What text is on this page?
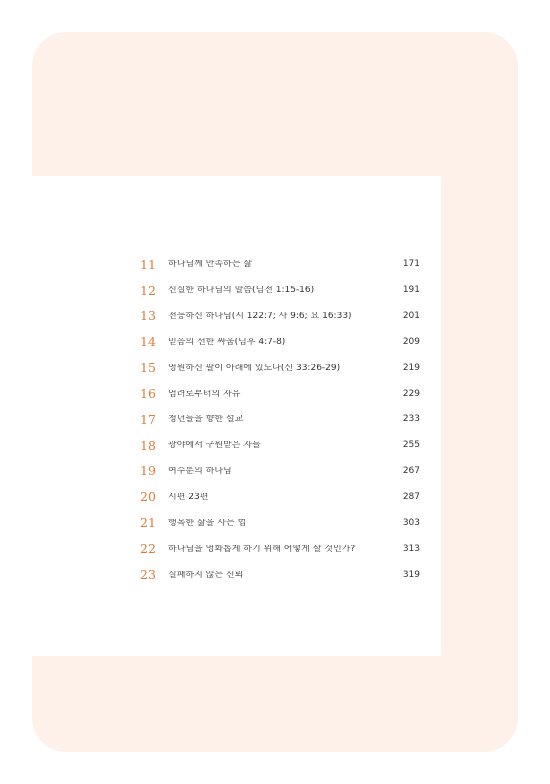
11	하나님께 만족하는 삶	171
12	신실한 하나님의 말씀(딤전 1:15-16)	191
13	전능하신 하나님(시 122:7; 사 9:6; 요 16:33)	201
14	믿음의 선한 싸움(딤후 4:7-8)	209
15	영원하신 팔이 아래에 있도다(신 33:26-29)	219
16	염려로부터의 자유	229
17	청년들을 향한 설교	233
18	광야에서 구원받은 자들	255
19	여수룬의 하나님	267
20	시편 23편	287
21	행복한 삶을 사는 법	303
22	하나님을 영화롭게 하기 위해 어떻게 살 것인가?	313
23	실패하지 않는 신뢰	319
